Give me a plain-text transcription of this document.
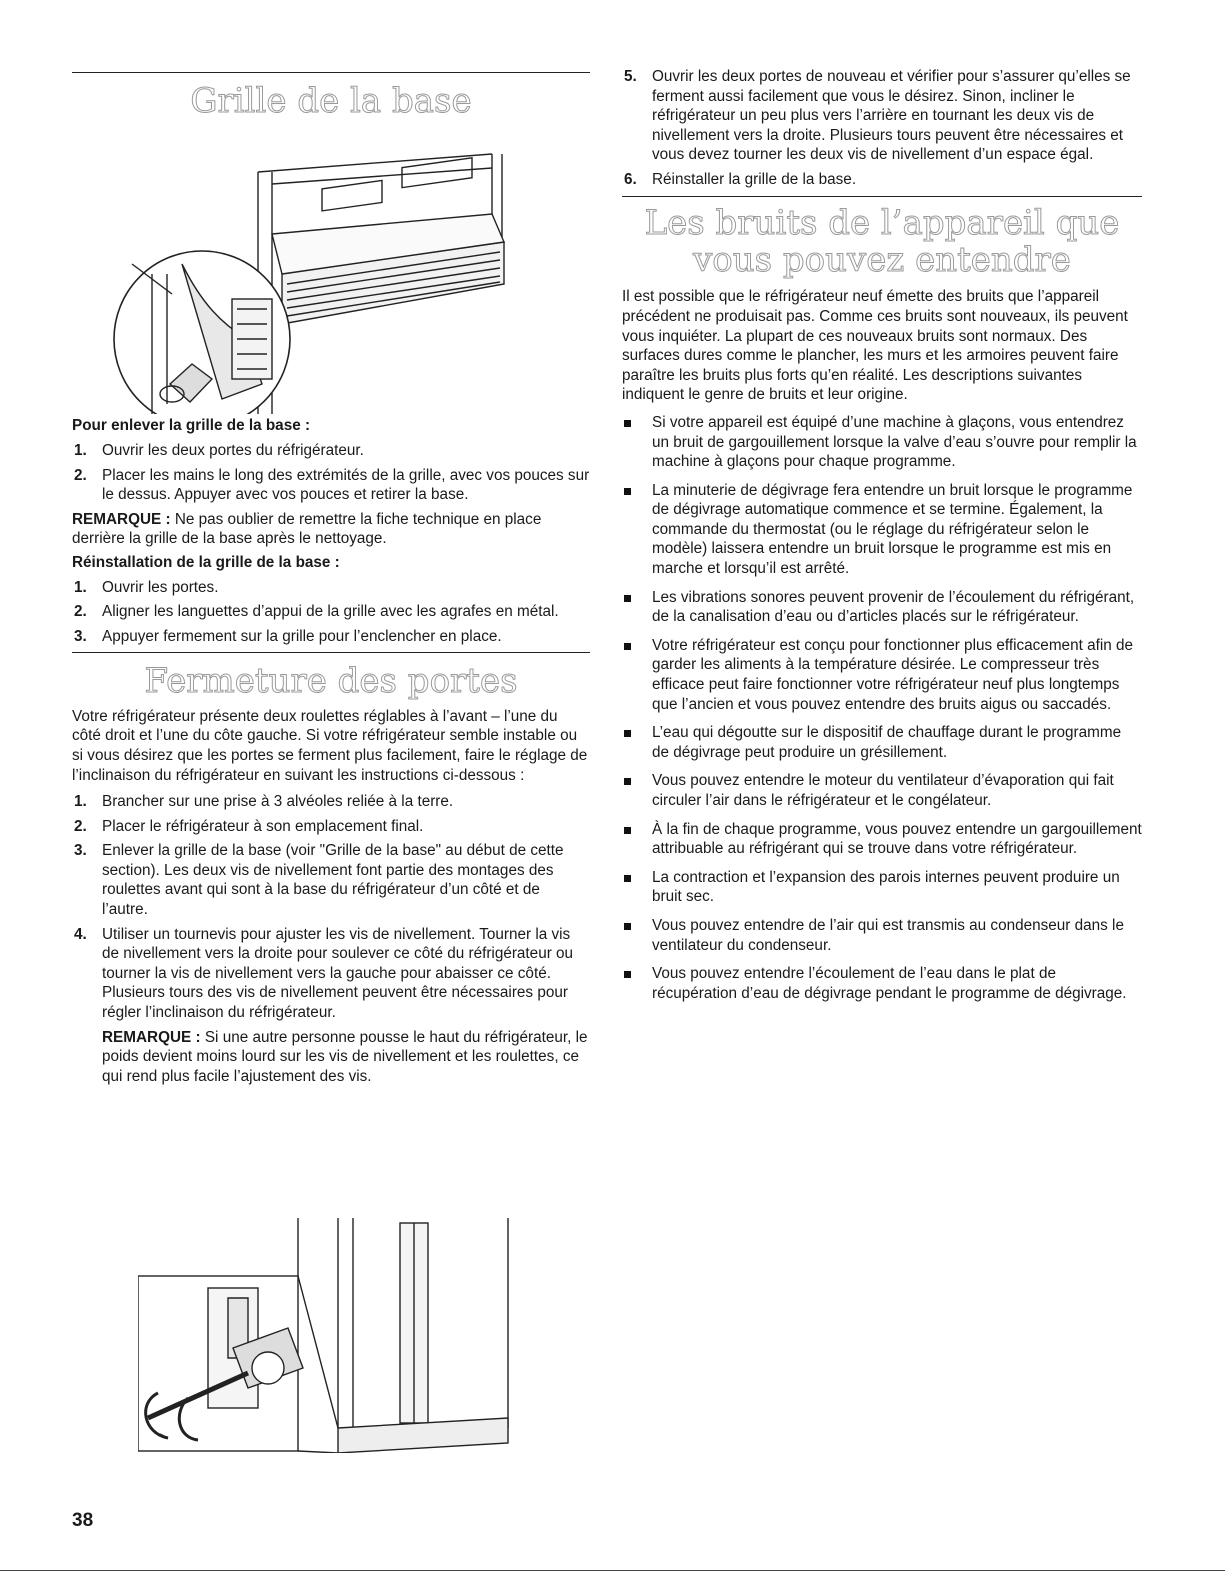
Grille de la base

Pour enlever la grille de la base :

1. Ouvrir les deux portes du réfrigérateur.
2. Placer les mains le long des extrémités de la grille, avec vos pouces sur le dessus. Appuyer avec vos pouces et retirer la base.

REMARQUE : Ne pas oublier de remettre la fiche technique en place derrière la grille de la base après le nettoyage.

Réinstallation de la grille de la base :

1. Ouvrir les portes.
2. Aligner les languettes d’appui de la grille avec les agrafes en métal.
3. Appuyer fermement sur la grille pour l’enclencher en place.
Fermeture des portes

Votre réfrigérateur présente deux roulettes réglables à l’avant – l’une du côté droit et l’une du côte gauche. Si votre réfrigérateur semble instable ou si vous désirez que les portes se ferment plus facilement, faire le réglage de l’inclinaison du réfrigérateur en suivant les instructions ci-dessous :

1. Brancher sur une prise à 3 alvéoles reliée à la terre.
2. Placer le réfrigérateur à son emplacement final.
3. Enlever la grille de la base (voir "Grille de la base" au début de cette section). Les deux vis de nivellement font partie des montages des roulettes avant qui sont à la base du réfrigérateur d’un côté et de l’autre.
4. Utiliser un tournevis pour ajuster les vis de nivellement. Tourner la vis de nivellement vers la droite pour soulever ce côté du réfrigérateur ou tourner la vis de nivellement vers la gauche pour abaisser ce côté. Plusieurs tours des vis de nivellement peuvent être nécessaires pour régler l’inclinaison du réfrigérateur.
REMARQUE : Si une autre personne pousse le haut du réfrigérateur, le poids devient moins lourd sur les vis de nivellement et les roulettes, ce qui rend plus facile l’ajustement des vis.
5. Ouvrir les deux portes de nouveau et vérifier pour s’assurer qu’elles se ferment aussi facilement que vous le désirez. Sinon, incliner le réfrigérateur un peu plus vers l’arrière en tournant les deux vis de nivellement vers la droite. Plusieurs tours peuvent être nécessaires et vous devez tourner les deux vis de nivellement d’un espace égal.
6. Réinstaller la grille de la base.
Les bruits de l’appareil que vous pouvez entendre

Il est possible que le réfrigérateur neuf émette des bruits que l’appareil précédent ne produisait pas. Comme ces bruits sont nouveaux, ils peuvent vous inquiéter. La plupart de ces nouveaux bruits sont normaux. Des surfaces dures comme le plancher, les murs et les armoires peuvent faire paraître les bruits plus forts qu’en réalité. Les descriptions suivantes indiquent le genre de bruits et leur origine.

Si votre appareil est équipé d’une machine à glaçons, vous entendrez un bruit de gargouillement lorsque la valve d’eau s’ouvre pour remplir la machine à glaçons pour chaque programme.
La minuterie de dégivrage fera entendre un bruit lorsque le programme de dégivrage automatique commence et se termine. Également, la commande du thermostat (ou le réglage du réfrigérateur selon le modèle) laissera entendre un bruit lorsque le programme est mis en marche et lorsqu’il est arrêté.
Les vibrations sonores peuvent provenir de l’écoulement du réfrigérant, de la canalisation d’eau ou d’articles placés sur le réfrigérateur.
Votre réfrigérateur est conçu pour fonctionner plus efficacement afin de garder les aliments à la température désirée. Le compresseur très efficace peut faire fonctionner votre réfrigérateur neuf plus longtemps que l’ancien et vous pouvez entendre des bruits aigus ou saccadés.
L’eau qui dégoutte sur le dispositif de chauffage durant le programme de dégivrage peut produire un grésillement.
Vous pouvez entendre le moteur du ventilateur d’évaporation qui fait circuler l’air dans le réfrigérateur et le congélateur.
À la fin de chaque programme, vous pouvez entendre un gargouillement attribuable au réfrigérant qui se trouve dans votre réfrigérateur.
La contraction et l’expansion des parois internes peuvent produire un bruit sec.
Vous pouvez entendre de l’air qui est transmis au condenseur dans le ventilateur du condenseur.
Vous pouvez entendre l’écoulement de l’eau dans le plat de récupération d’eau de dégivrage pendant le programme de dégivrage.
38
